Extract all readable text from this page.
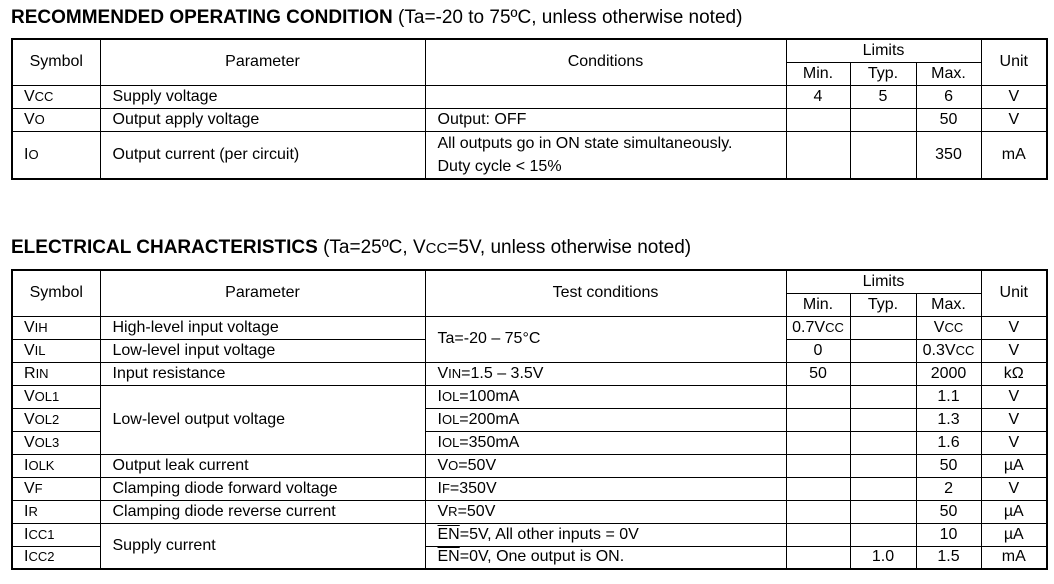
RECOMMENDED OPERATING CONDITION (Ta=-20 to 75ºC, unless otherwise noted)
Symbol	Parameter	Conditions	Limits			Unit
			Min.	Typ.	Max.	
VCC	Supply voltage		4	5	6	V
VO	Output apply voltage	Output: OFF			50	V
IO	Output current (per circuit)	All outputs go in ON state simultaneously.
Duty cycle < 15%			350	mA
ELECTRICAL CHARACTERISTICS (Ta=25ºC, VCC=5V, unless otherwise noted)
Symbol	Parameter	Test conditions	Limits			Unit
			Min.	Typ.	Max.	
VIH	High-level input voltage	Ta=-20 – 75°C	0.7VCC		VCC	V
VIL	Low-level input voltage		0		0.3VCC	V
RIN	Input resistance	VIN=1.5 – 3.5V	50		2000	kΩ
VOL1	Low-level output voltage	IOL=100mA			1.1	V
VOL2		IOL=200mA			1.3	V
VOL3		IOL=350mA			1.6	V
IOLK	Output leak current	VO=50V			50	µA
VF	Clamping diode forward voltage	IF=350V			2	V
IR	Clamping diode reverse current	VR=50V			50	µA
ICC1	Supply current	$\overline{EN}=5V$, All other inputs = 0V			10	µA
ICC2		$\overline{EN}=0V$, One output is ON.		1.0	1.5	mA
